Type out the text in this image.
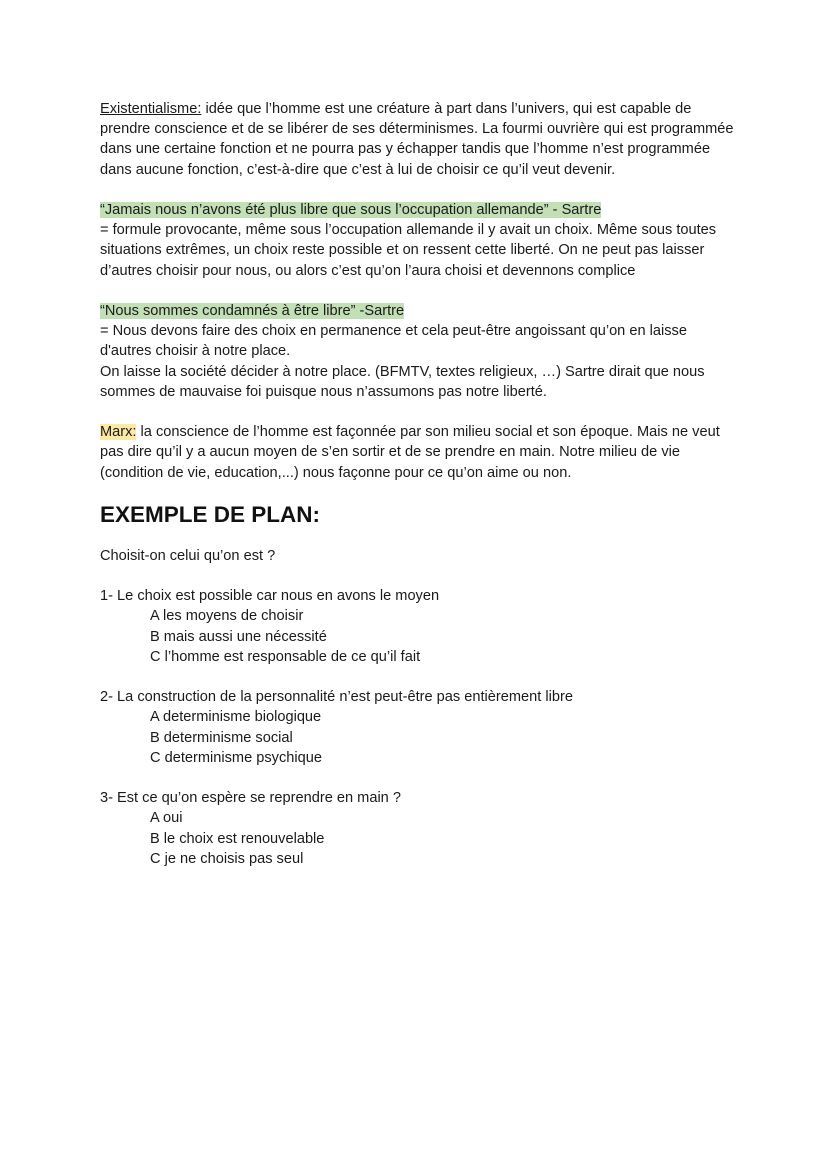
Existentialisme: idée que l’homme est une créature à part dans l’univers, qui est capable de prendre conscience et de se libérer de ses déterminismes. La fourmi ouvrière qui est programmée dans une certaine fonction et ne pourra pas y échapper tandis que l’homme n’est programmée dans aucune fonction, c’est-à-dire que c’est à lui de choisir ce qu’il veut devenir.

“Jamais nous n’avons été plus libre que sous l’occupation allemande” - Sartre

= formule provocante, même sous l’occupation allemande il y avait un choix. Même sous toutes situations extrêmes, un choix reste possible et on ressent cette liberté. On ne peut pas laisser d’autres choisir pour nous, ou alors c’est qu’on l’aura choisi et devennons complice

“Nous sommes condamnés à être libre” -Sartre

= Nous devons faire des choix en permanence et cela peut-être angoissant qu’on en laisse d'autres choisir à notre place.

On laisse la société décider à notre place. (BFMTV, textes religieux, …) Sartre dirait que nous sommes de mauvaise foi puisque nous n’assumons pas notre liberté.

Marx: la conscience de l’homme est façonnée par son milieu social et son époque. Mais ne veut pas dire qu’il y a aucun moyen de s’en sortir et de se prendre en main. Notre milieu de vie (condition de vie, education,...) nous façonne pour ce qu’on aime ou non.

EXEMPLE DE PLAN:

Choisit-on celui qu’on est ?

1- Le choix est possible car nous en avons le moyen

A les moyens de choisir

B mais aussi une nécessité

C l’homme est responsable de ce qu’il fait

2- La construction de la personnalité n’est peut-être pas entièrement libre

A determinisme biologique

B determinisme social

C determinisme psychique

3- Est ce qu’on espère se reprendre en main ?

A oui

B le choix est renouvelable

C je ne choisis pas seul
